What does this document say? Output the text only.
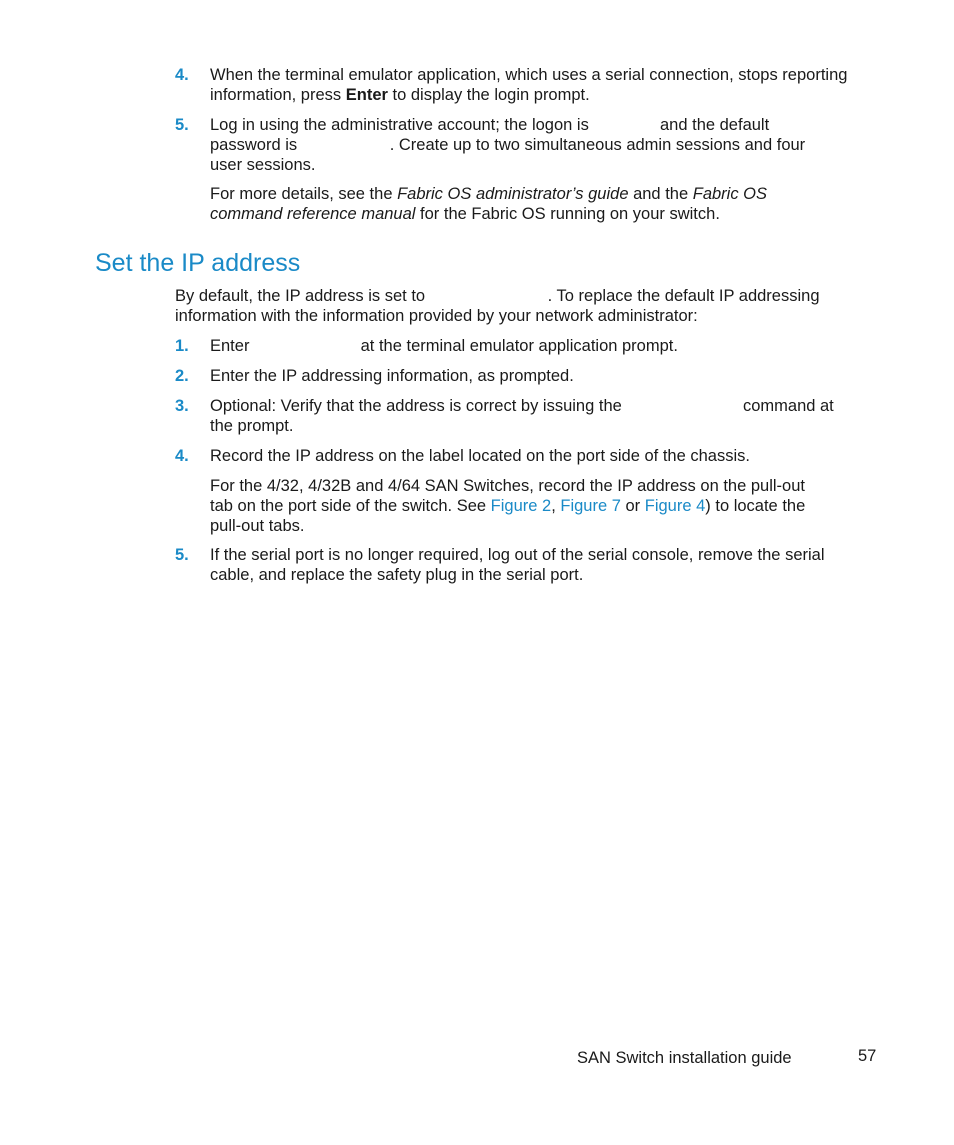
4. When the terminal emulator application, which uses a serial connection, stops reporting information, press Enter to display the login prompt.
5. Log in using the administrative account; the logon is	and the default password is	. Create up to two simultaneous admin sessions and four user sessions.
For more details, see the Fabric OS administrator’s guide and the Fabric OS command reference manual for the Fabric OS running on your switch.
Set the IP address
By default, the IP address is set to	. To replace the default IP addressing information with the information provided by your network administrator:
1. Enter	at the terminal emulator application prompt.
2. Enter the IP addressing information, as prompted.
3. Optional: Verify that the address is correct by issuing the	command at the prompt.
4. Record the IP address on the label located on the port side of the chassis.
For the 4/32, 4/32B and 4/64 SAN Switches, record the IP address on the pull-out tab on the port side of the switch. See Figure 2, Figure 7 or Figure 4) to locate the pull-out tabs.
5. If the serial port is no longer required, log out of the serial console, remove the serial cable, and replace the safety plug in the serial port.
SAN Switch installation guide	57
